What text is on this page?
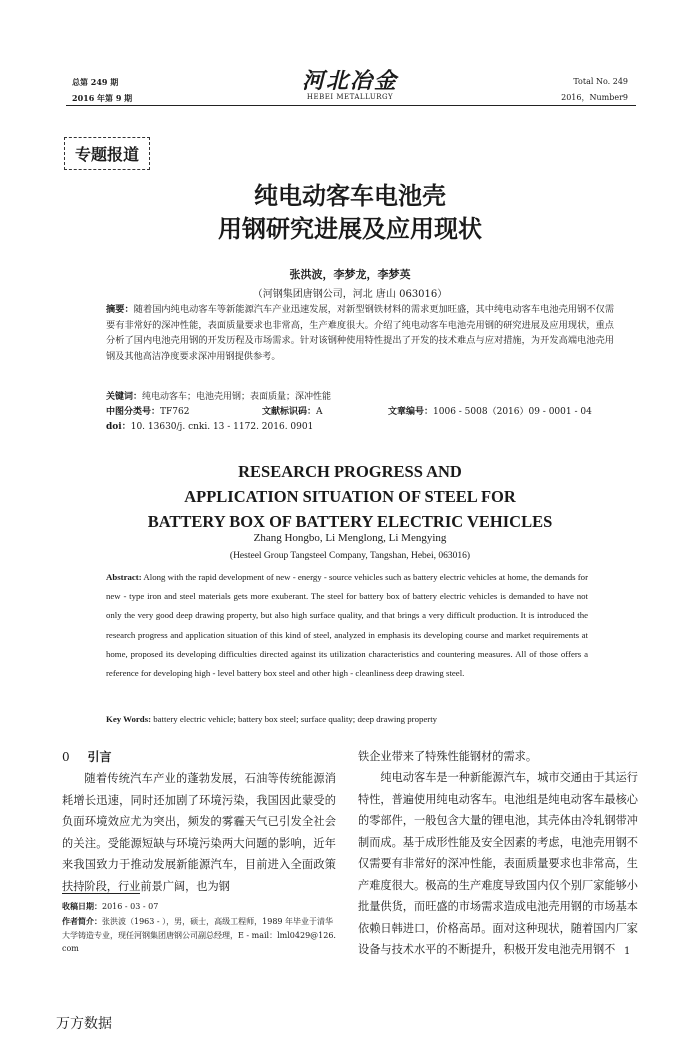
总第 249 期
2016 年第 9 期
河北冶金
HEBEI METALLURGY
Total No. 249
2016，Number9
专题报道
纯电动客车电池壳
用钢研究进展及应用现状
张洪波，李梦龙，李梦英
（河钢集团唐钢公司，河北 唐山 063016）
摘要：随着国内纯电动客车等新能源汽车产业迅速发展，对新型钢铁材料的需求更加旺盛，其中纯电动客车电池壳用钢不仅需要有非常好的深冲性能，表面质量要求也非常高，生产难度很大。介绍了纯电动客车电池壳用钢的研究进展及应用现状，重点分析了国内电池壳用钢的开发历程及市场需求。针对该钢种使用特性提出了开发的技术难点与应对措施，为开发高端电池壳用钢及其他高洁净度要求深冲用钢提供参考。
关键词：纯电动客车；电池壳用钢；表面质量；深冲性能
中图分类号：TF762	文献标识码：A	文章编号：1006 - 5008（2016）09 - 0001 - 04
doi：10. 13630/j. cnki. 13 - 1172. 2016. 0901
RESEARCH PROGRESS AND
APPLICATION SITUATION OF STEEL FOR
BATTERY BOX OF BATTERY ELECTRIC VEHICLES
Zhang Hongbo, Li Menglong, Li Mengying
(Hesteel Group Tangsteel Company, Tangshan, Hebei, 063016)
Abstract: Along with the rapid development of new - energy - source vehicles such as battery electric vehicles at home, the demands for new - type iron and steel materials gets more exuberant. The steel for battery box of battery electric vehicles is demanded to have not only the very good deep drawing property, but also high surface quality, and that brings a very difficult production. It is introduced the research progress and application situation of this kind of steel, analyzed in emphasis its developing course and market requirements at home, proposed its developing difficulties directed against its utilization characteristics and countering measures. All of those offers a reference for developing high - level battery box steel and other high - cleanliness deep drawing steel.
Key Words: battery electric vehicle; battery box steel; surface quality; deep drawing property
0 引言
随着传统汽车产业的蓬勃发展，石油等传统能源消耗增长迅速，同时还加剧了环境污染，我国因此蒙受的负面环境效应尤为突出，频发的雾霾天气已引发全社会的关注。受能源短缺与环境污染两大问题的影响，近年来我国致力于推动发展新能源汽车，目前进入全面政策扶持阶段，行业前景广阔，也为钢
收稿日期：2016 - 03 - 07
作者简介：张洪波（1963 - ），男，硕士，高级工程师，1989 年毕业于清华大学铸造专业，现任河钢集团唐钢公司副总经理，E - mail：lml0429@126. com
铁企业带来了特殊性能钢材的需求。
纯电动客车是一种新能源汽车，城市交通由于其运行特性，普遍使用纯电动客车。电池组是纯电动客车最核心的零部件，一般包含大量的锂电池，其壳体由冷轧钢带冲制而成。基于成形性能及安全因素的考虑，电池壳用钢不仅需要有非常好的深冲性能，表面质量要求也非常高，生产难度很大。极高的生产难度导致国内仅个别厂家能够小批量供货，而旺盛的市场需求造成电池壳用钢的市场基本依赖日韩进口，价格高昂。面对这种现状，随着国内厂家设备与技术水平的不断提升，积极开发电池壳用钢不 1
万方数据
